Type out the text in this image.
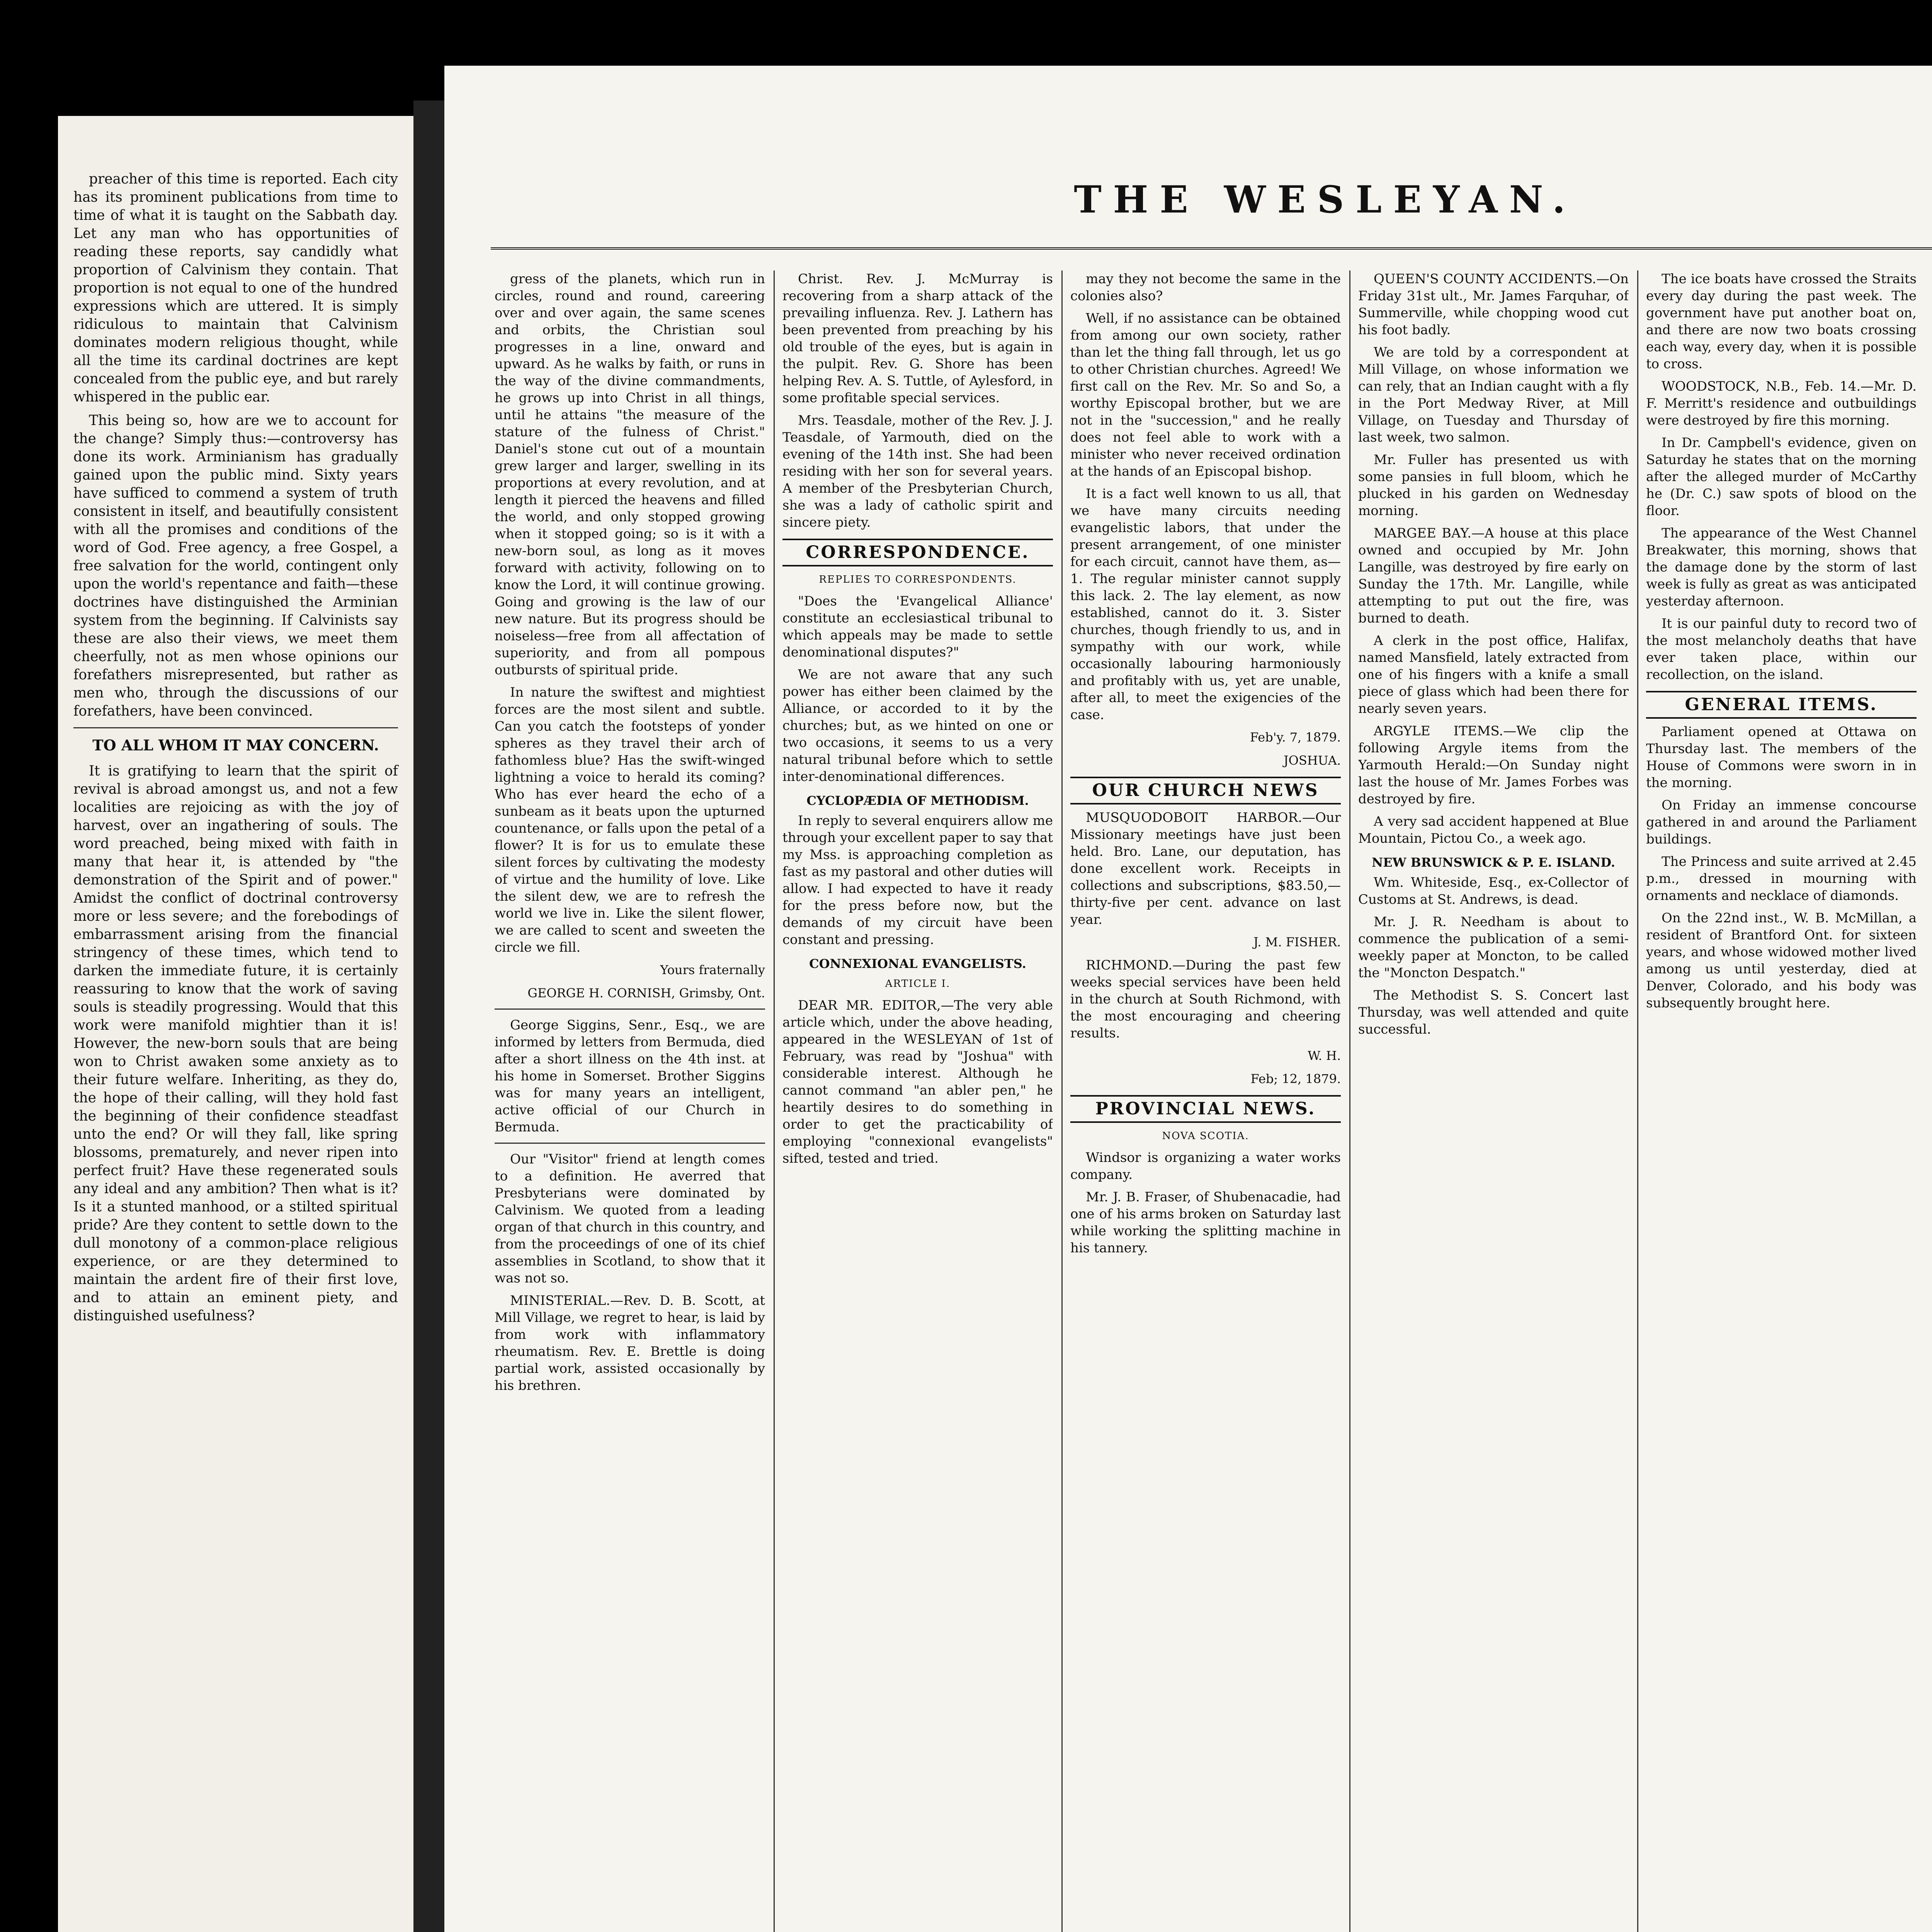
preacher of this time is reported. Each city has its prominent publications from time to time of what it is taught on the Sabbath day. Let any man who has opportunities of reading these reports, say candidly what proportion of Calvinism they contain. That proportion is not equal to one of the hundred expressions which are uttered. It is simply ridiculous to maintain that Calvinism dominates modern religious thought, while all the time its cardinal doctrines are kept concealed from the public eye, and but rarely whispered in the public ear.

This being so, how are we to account for the change? Simply thus:—controversy has done its work. Arminianism has gradually gained upon the public mind. Sixty years have sufficed to commend a system of truth consistent in itself, and beautifully consistent with all the promises and conditions of the word of God. Free agency, a free Gospel, a free salvation for the world, contingent only upon the world's repentance and faith—these doctrines have distinguished the Arminian system from the beginning. If Calvinists say these are also their views, we meet them cheerfully, not as men whose opinions our forefathers misrepresented, but rather as men who, through the discussions of our forefathers, have been convinced.

TO ALL WHOM IT MAY CONCERN.

It is gratifying to learn that the spirit of revival is abroad amongst us, and not a few localities are rejoicing as with the joy of harvest, over an ingathering of souls. The word preached, being mixed with faith in many that hear it, is attended by "the demonstration of the Spirit and of power." Amidst the conflict of doctrinal controversy more or less severe; and the forebodings of embarrassment arising from the financial stringency of these times, which tend to darken the immediate future, it is certainly reassuring to know that the work of saving souls is steadily progressing. Would that this work were manifold mightier than it is! However, the new-born souls that are being won to Christ awaken some anxiety as to their future welfare. Inheriting, as they do, the hope of their calling, will they hold fast the beginning of their confidence steadfast unto the end? Or will they fall, like spring blossoms, prematurely, and never ripen into perfect fruit? Have these regenerated souls any ideal and any ambition? Then what is it? Is it a stunted manhood, or a stilted spiritual pride? Are they content to settle down to the dull monotony of a common-place religious experience, or are they determined to maintain the ardent fire of their first love, and to attain an eminent piety, and distinguished usefulness?

THE WESLEYAN.

gress of the planets, which run in circles, round and round, careering over and over again, the same scenes and orbits, the Christian soul progresses in a line, onward and upward. As he walks by faith, or runs in the way of the divine commandments, he grows up into Christ in all things, until he attains "the measure of the stature of the fulness of Christ." Daniel's stone cut out of a mountain grew larger and larger, swelling in its proportions at every revolution, and at length it pierced the heavens and filled the world, and only stopped growing when it stopped going; so is it with a new-born soul, as long as it moves forward with activity, following on to know the Lord, it will continue growing. Going and growing is the law of our new nature. But its progress should be noiseless—free from all affectation of superiority, and from all pompous outbursts of spiritual pride.

In nature the swiftest and mightiest forces are the most silent and subtle. Can you catch the footsteps of yonder spheres as they travel their arch of fathomless blue? Has the swift-winged lightning a voice to herald its coming? Who has ever heard the echo of a sunbeam as it beats upon the upturned countenance, or falls upon the petal of a flower? It is for us to emulate these silent forces by cultivating the modesty of virtue and the humility of love. Like the silent dew, we are to refresh the world we live in. Like the silent flower, we are called to scent and sweeten the circle we fill.

Yours fraternally
GEORGE H. CORNISH, Grimsby, Ont.

George Siggins, Senr., Esq., we are informed by letters from Bermuda, died after a short illness on the 4th inst. at his home in Somerset. Brother Siggins was for many years an intelligent, active official of our Church in Bermuda.

Our "Visitor" friend at length comes to a definition. He averred that Presbyterians were dominated by Calvinism. We quoted from a leading organ of that church in this country, and from the proceedings of one of its chief assemblies in Scotland, to show that it was not so.

MINISTERIAL.—Rev. D. B. Scott, at Mill Village, we regret to hear, is laid by from work with inflammatory rheumatism. Rev. E. Brettle is doing partial work, assisted occasionally by his brethren.

Christ. Rev. J. McMurray is recovering from a sharp attack of the prevailing influenza. Rev. J. Lathern has been prevented from preaching by his old trouble of the eyes, but is again in the pulpit. Rev. G. Shore has been helping Rev. A. S. Tuttle, of Aylesford, in some profitable special services.

Mrs. Teasdale, mother of the Rev. J. J. Teasdale, of Yarmouth, died on the evening of the 14th inst. She had been residing with her son for several years. A member of the Presbyterian Church, she was a lady of catholic spirit and sincere piety.

CORRESPONDENCE.
REPLIES TO CORRESPONDENTS.

"Does the 'Evangelical Alliance' constitute an ecclesiastical tribunal to which appeals may be made to settle denominational disputes?"

We are not aware that any such power has either been claimed by the Alliance, or accorded to it by the churches; but, as we hinted on one or two occasions, it seems to us a very natural tribunal before which to settle inter-denominational differences.

CYCLOPÆDIA OF METHODISM.

In reply to several enquirers allow me through your excellent paper to say that my Mss. is approaching completion as fast as my pastoral and other duties will allow. I had expected to have it ready for the press before now, but the demands of my circuit have been constant and pressing.

CONNEXIONAL EVANGELISTS.
ARTICLE I.

DEAR MR. EDITOR,—The very able article which, under the above heading, appeared in the WESLEYAN of 1st of February, was read by "Joshua" with considerable interest. Although he cannot command "an abler pen," he heartily desires to do something in order to get the practicability of employing "connexional evangelists" sifted, tested and tried.

may they not become the same in the colonies also?

Well, if no assistance can be obtained from among our own society, rather than let the thing fall through, let us go to other Christian churches. Agreed! We first call on the Rev. Mr. So and So, a worthy Episcopal brother, but we are not in the "succession," and he really does not feel able to work with a minister who never received ordination at the hands of an Episcopal bishop.

It is a fact well known to us all, that we have many circuits needing evangelistic labors, that under the present arrangement, of one minister for each circuit, cannot have them, as—1. The regular minister cannot supply this lack. 2. The lay element, as now established, cannot do it. 3. Sister churches, though friendly to us, and in sympathy with our work, while occasionally labouring harmoniously and profitably with us, yet are unable, after all, to meet the exigencies of the case.

Feb'y. 7, 1879.
JOSHUA.
OUR CHURCH NEWS

MUSQUODOBOIT HARBOR.—Our Missionary meetings have just been held. Bro. Lane, our deputation, has done excellent work. Receipts in collections and subscriptions, $83.50,—thirty-five per cent. advance on last year.

J. M. FISHER.

RICHMOND.—During the past few weeks special services have been held in the church at South Richmond, with the most encouraging and cheering results.

W. H.
Feb; 12, 1879.
PROVINCIAL NEWS.
NOVA SCOTIA.

Windsor is organizing a water works company.

Mr. J. B. Fraser, of Shubenacadie, had one of his arms broken on Saturday last while working the splitting machine in his tannery.

QUEEN'S COUNTY ACCIDENTS.—On Friday 31st ult., Mr. James Farquhar, of Summerville, while chopping wood cut his foot badly.

We are told by a correspondent at Mill Village, on whose information we can rely, that an Indian caught with a fly in the Port Medway River, at Mill Village, on Tuesday and Thursday of last week, two salmon.

Mr. Fuller has presented us with some pansies in full bloom, which he plucked in his garden on Wednesday morning.

MARGEE BAY.—A house at this place owned and occupied by Mr. John Langille, was destroyed by fire early on Sunday the 17th. Mr. Langille, while attempting to put out the fire, was burned to death.

A clerk in the post office, Halifax, named Mansfield, lately extracted from one of his fingers with a knife a small piece of glass which had been there for nearly seven years.

ARGYLE ITEMS.—We clip the following Argyle items from the Yarmouth Herald:—On Sunday night last the house of Mr. James Forbes was destroyed by fire.

A very sad accident happened at Blue Mountain, Pictou Co., a week ago.

NEW BRUNSWICK & P. E. ISLAND.

Wm. Whiteside, Esq., ex-Collector of Customs at St. Andrews, is dead.

Mr. J. R. Needham is about to commence the publication of a semi-weekly paper at Moncton, to be called the "Moncton Despatch."

The Methodist S. S. Concert last Thursday, was well attended and quite successful.

The ice boats have crossed the Straits every day during the past week. The government have put another boat on, and there are now two boats crossing each way, every day, when it is possible to cross.

WOODSTOCK, N.B., Feb. 14.—Mr. D. F. Merritt's residence and outbuildings were destroyed by fire this morning.

In Dr. Campbell's evidence, given on Saturday he states that on the morning after the alleged murder of McCarthy he (Dr. C.) saw spots of blood on the floor.

The appearance of the West Channel Breakwater, this morning, shows that the damage done by the storm of last week is fully as great as was anticipated yesterday afternoon.

It is our painful duty to record two of the most melancholy deaths that have ever taken place, within our recollection, on the island.

GENERAL ITEMS.

Parliament opened at Ottawa on Thursday last. The members of the House of Commons were sworn in in the morning.

On Friday an immense concourse gathered in and around the Parliament buildings.

The Princess and suite arrived at 2.45 p.m., dressed in mourning with ornaments and necklace of diamonds.

On the 22nd inst., W. B. McMillan, a resident of Brantford Ont. for sixteen years, and whose widowed mother lived among us until yesterday, died at Denver, Colorado, and his body was subsequently brought here.
